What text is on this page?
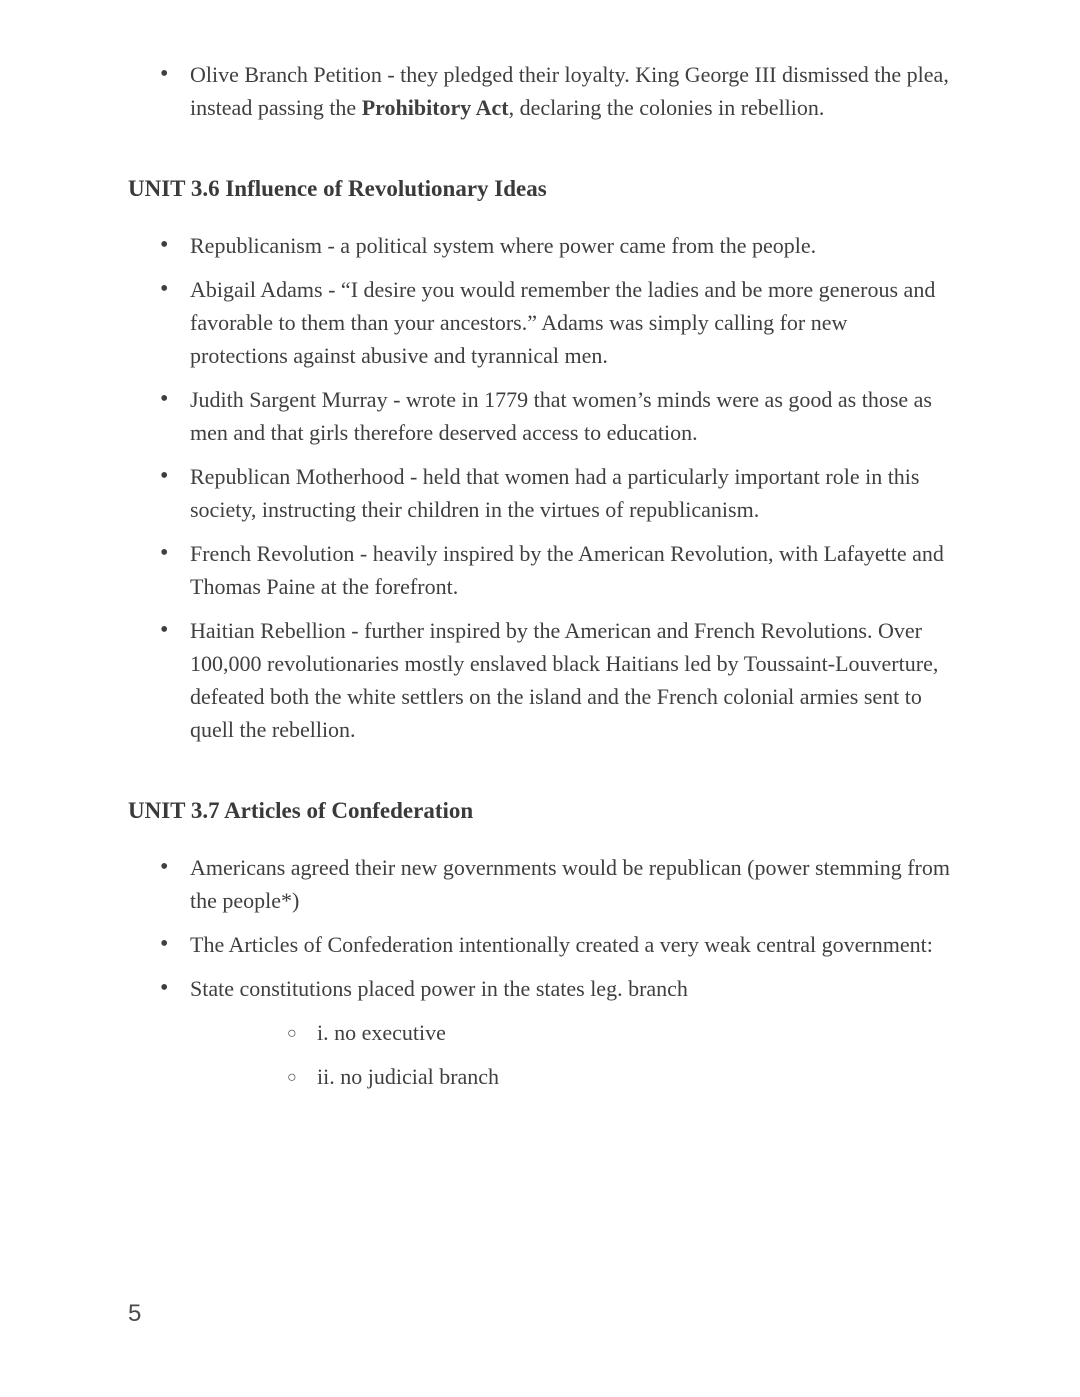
• Olive Branch Petition - they pledged their loyalty. King George III dismissed the plea, instead passing the Prohibitory Act, declaring the colonies in rebellion.
UNIT 3.6 Influence of Revolutionary Ideas
• Republicanism - a political system where power came from the people.
• Abigail Adams - “I desire you would remember the ladies and be more generous and favorable to them than your ancestors.” Adams was simply calling for new protections against abusive and tyrannical men.
• Judith Sargent Murray - wrote in 1779 that women’s minds were as good as those as men and that girls therefore deserved access to education.
• Republican Motherhood - held that women had a particularly important role in this society, instructing their children in the virtues of republicanism.
• French Revolution - heavily inspired by the American Revolution, with Lafayette and Thomas Paine at the forefront.
• Haitian Rebellion - further inspired by the American and French Revolutions. Over 100,000 revolutionaries mostly enslaved black Haitians led by Toussaint-Louverture, defeated both the white settlers on the island and the French colonial armies sent to quell the rebellion.
UNIT 3.7 Articles of Confederation
• Americans agreed their new governments would be republican (power stemming from the people*)
• The Articles of Confederation intentionally created a very weak central government:
• State constitutions placed power in the states leg. branch
○ i. no executive
○ ii. no judicial branch
5
